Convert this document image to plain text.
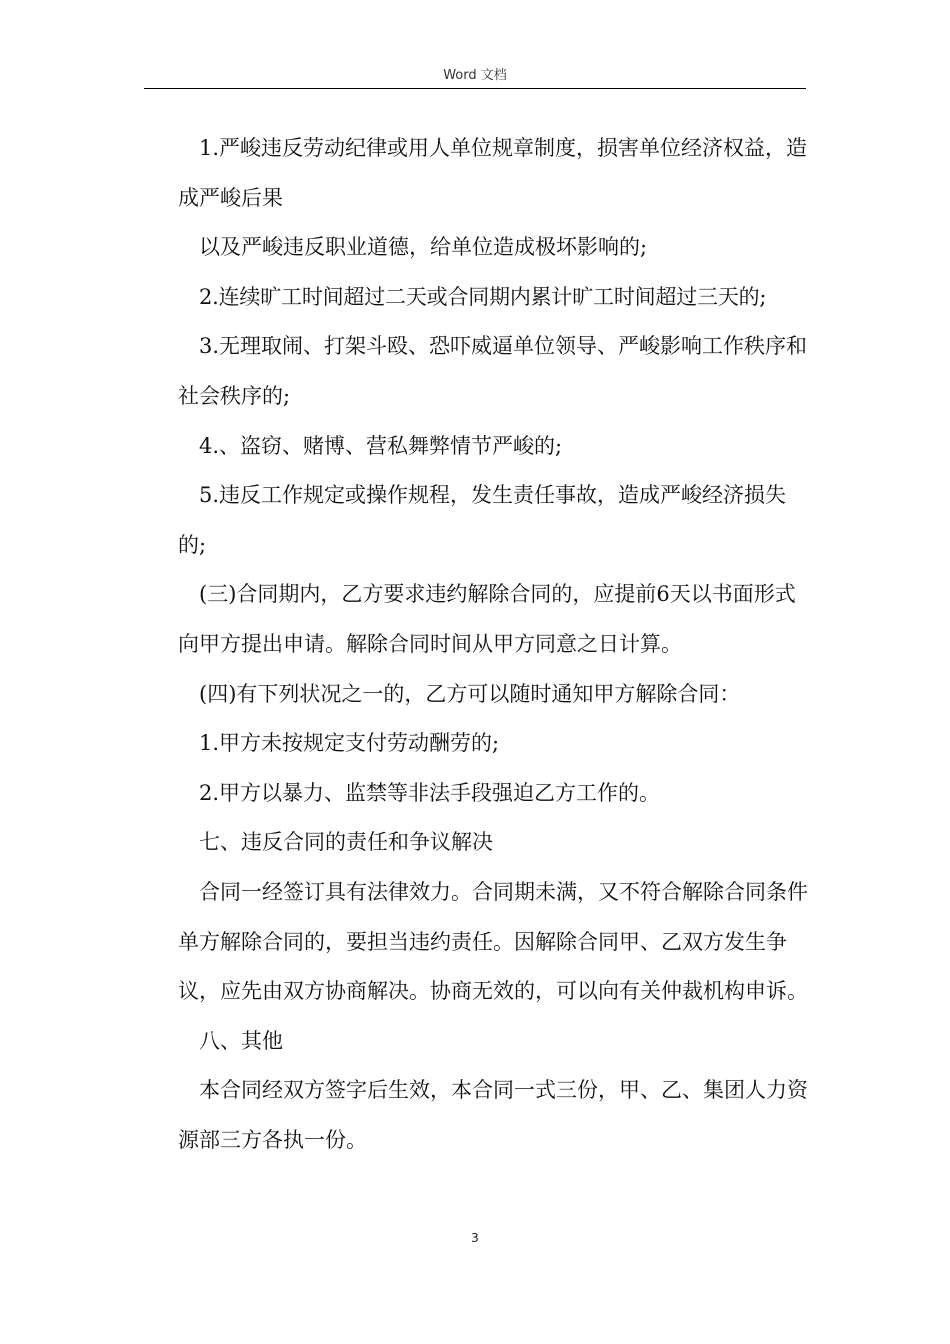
Word 文档

1.严峻违反劳动纪律或用人单位规章制度，损害单位经济权益，造成严峻后果

以及严峻违反职业道德，给单位造成极坏影响的;

2.连续旷工时间超过二天或合同期内累计旷工时间超过三天的;

3.无理取闹、打架斗殴、恐吓威逼单位领导、严峻影响工作秩序和社会秩序的;

4.、盗窃、赌博、营私舞弊情节严峻的;

5.违反工作规定或操作规程，发生责任事故，造成严峻经济损失的;

(三)合同期内，乙方要求违约解除合同的，应提前6天以书面形式向甲方提出申请。解除合同时间从甲方同意之日计算。

(四)有下列状况之一的，乙方可以随时通知甲方解除合同：

1.甲方未按规定支付劳动酬劳的;

2.甲方以暴力、监禁等非法手段强迫乙方工作的。

七、违反合同的责任和争议解决

合同一经签订具有法律效力。合同期未满，又不符合解除合同条件单方解除合同的，要担当违约责任。因解除合同甲、乙双方发生争议，应先由双方协商解决。协商无效的，可以向有关仲裁机构申诉。

八、其他

本合同经双方签字后生效，本合同一式三份，甲、乙、集团人力资源部三方各执一份。

3
